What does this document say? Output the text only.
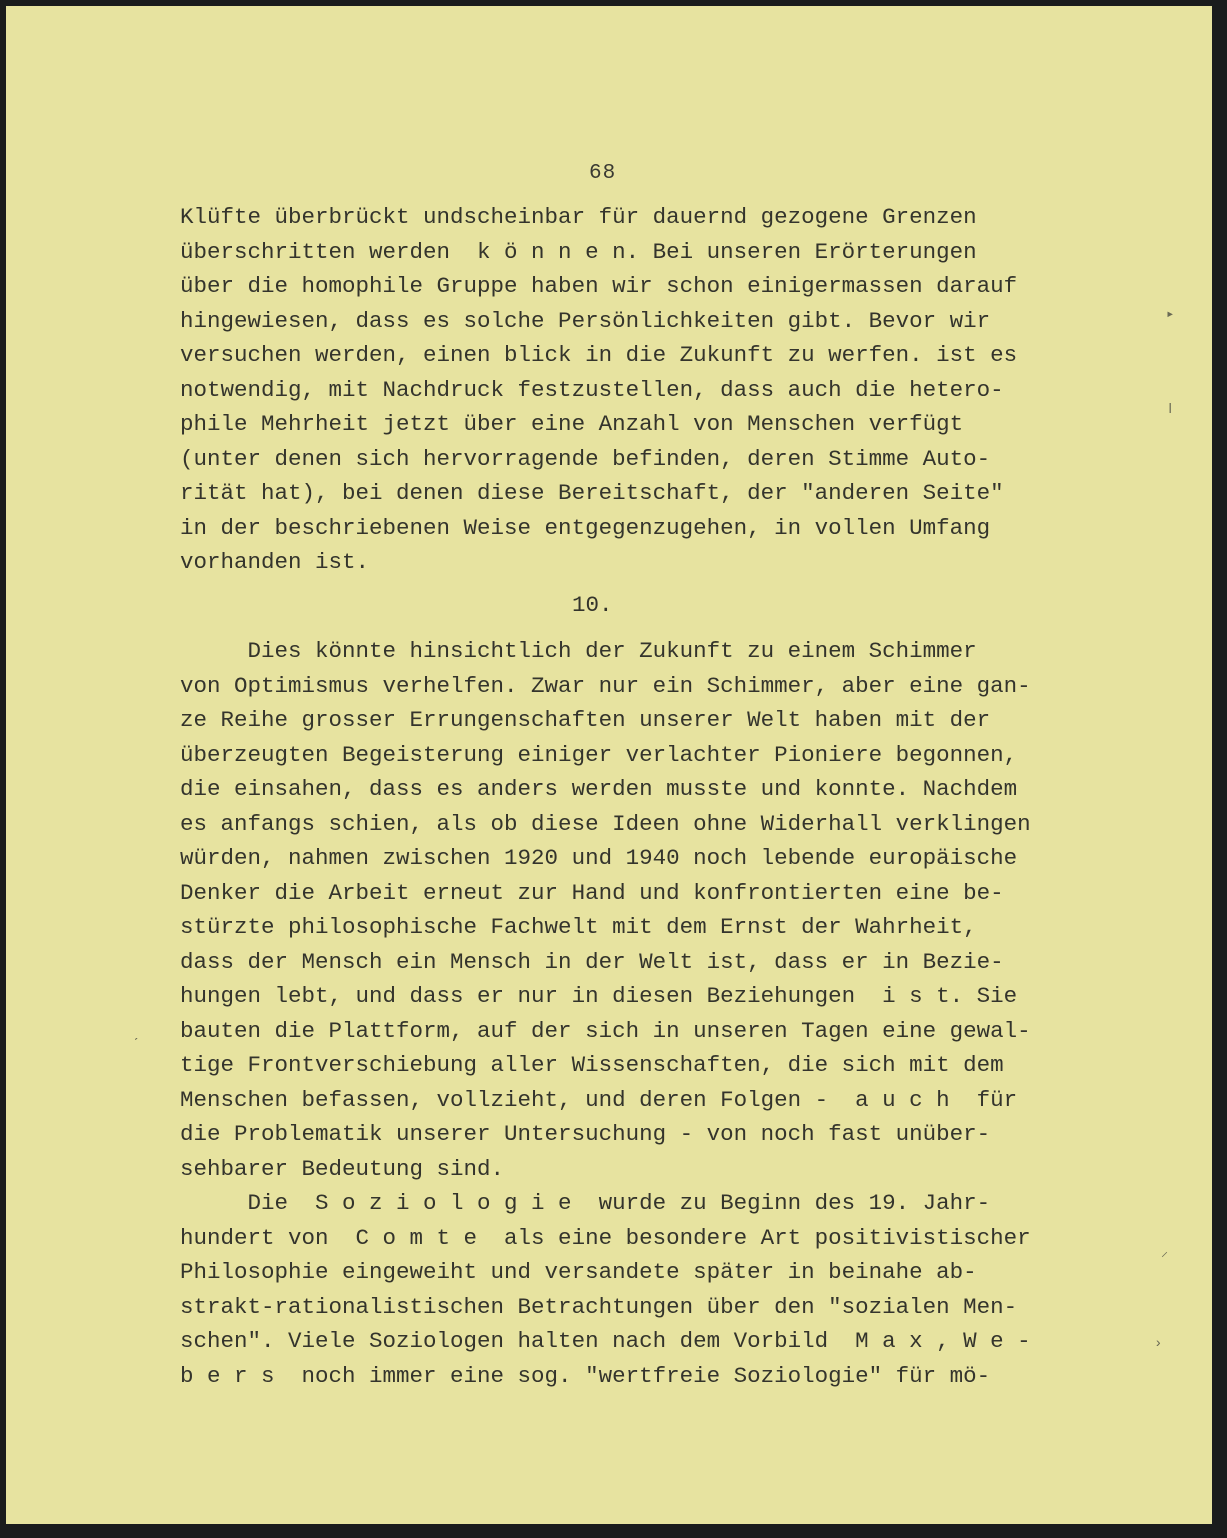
68
Klüfte überbrückt undscheinbar für dauernd gezogene Grenzen
überschritten werden  k ö n n e n. Bei unseren Erörterungen
über die homophile Gruppe haben wir schon einigermassen darauf
hingewiesen, dass es solche Persönlichkeiten gibt. Bevor wir
versuchen werden, einen blick in die Zukunft zu werfen. ist es
notwendig, mit Nachdruck festzustellen, dass auch die hetero-
phile Mehrheit jetzt über eine Anzahl von Menschen verfügt
(unter denen sich hervorragende befinden, deren Stimme Auto-
rität hat), bei denen diese Bereitschaft, der "anderen Seite"
in der beschriebenen Weise entgegenzugehen, in vollen Umfang
vorhanden ist.
10.
Dies könnte hinsichtlich der Zukunft zu einem Schimmer
von Optimismus verhelfen. Zwar nur ein Schimmer, aber eine gan-
ze Reihe grosser Errungenschaften unserer Welt haben mit der
überzeugten Begeisterung einiger verlachter Pioniere begonnen,
die einsahen, dass es anders werden musste und konnte. Nachdem
es anfangs schien, als ob diese Ideen ohne Widerhall verklingen
würden, nahmen zwischen 1920 und 1940 noch lebende europäische
Denker die Arbeit erneut zur Hand und konfrontierten eine be-
stürzte philosophische Fachwelt mit dem Ernst der Wahrheit,
dass der Mensch ein Mensch in der Welt ist, dass er in Bezie-
hungen lebt, und dass er nur in diesen Beziehungen  i s t. Sie
bauten die Plattform, auf der sich in unseren Tagen eine gewal-
tige Frontverschiebung aller Wissenschaften, die sich mit dem
Menschen befassen, vollzieht, und deren Folgen -  a u c h  für
die Problematik unserer Untersuchung - von noch fast unüber-
sehbarer Bedeutung sind.
Die  S o z i o l o g i e  wurde zu Beginn des 19. Jahr-
hundert von  C o m t e  als eine besondere Art positivistischer
Philosophie eingeweiht und versandete später in beinahe ab-
strakt-rationalistischen Betrachtungen über den "sozialen Men-
schen". Viele Soziologen halten nach dem Vorbild  M a x , W e -
b e r s  noch immer eine sog. "wertfreie Soziologie" für mö-
▸
ǀ
⸝
›
ˏ
